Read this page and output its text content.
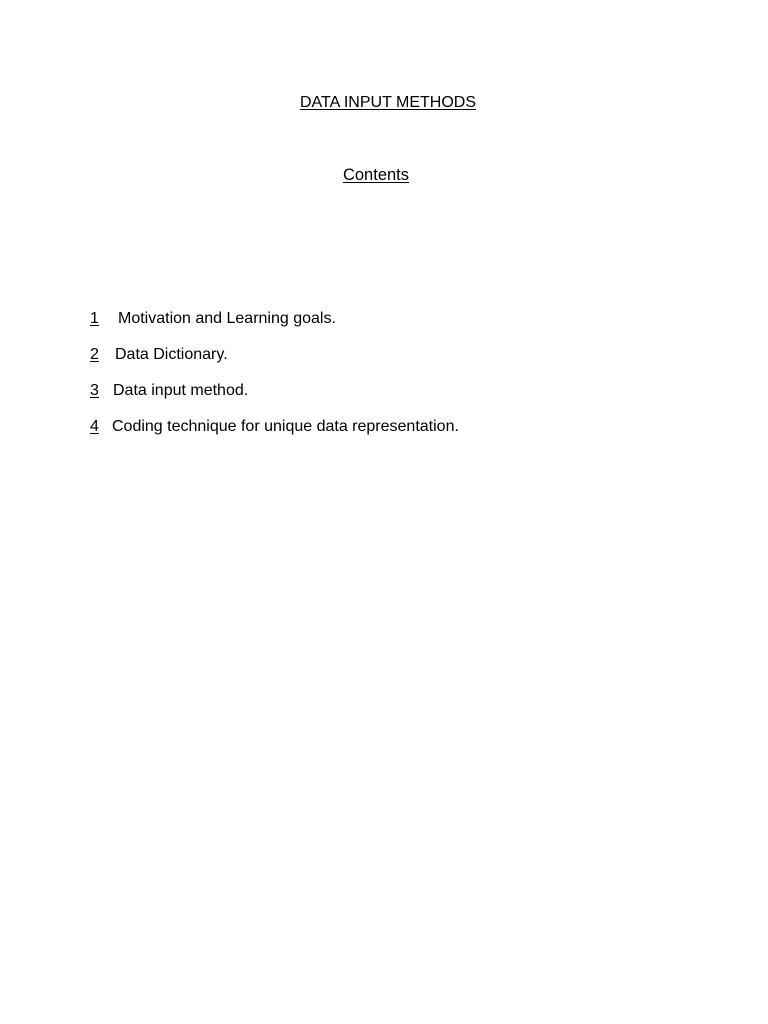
DATA INPUT METHODS
Contents
1 Motivation and Learning goals.
2 Data Dictionary.
3 Data input method.
4 Coding technique for unique data representation.
